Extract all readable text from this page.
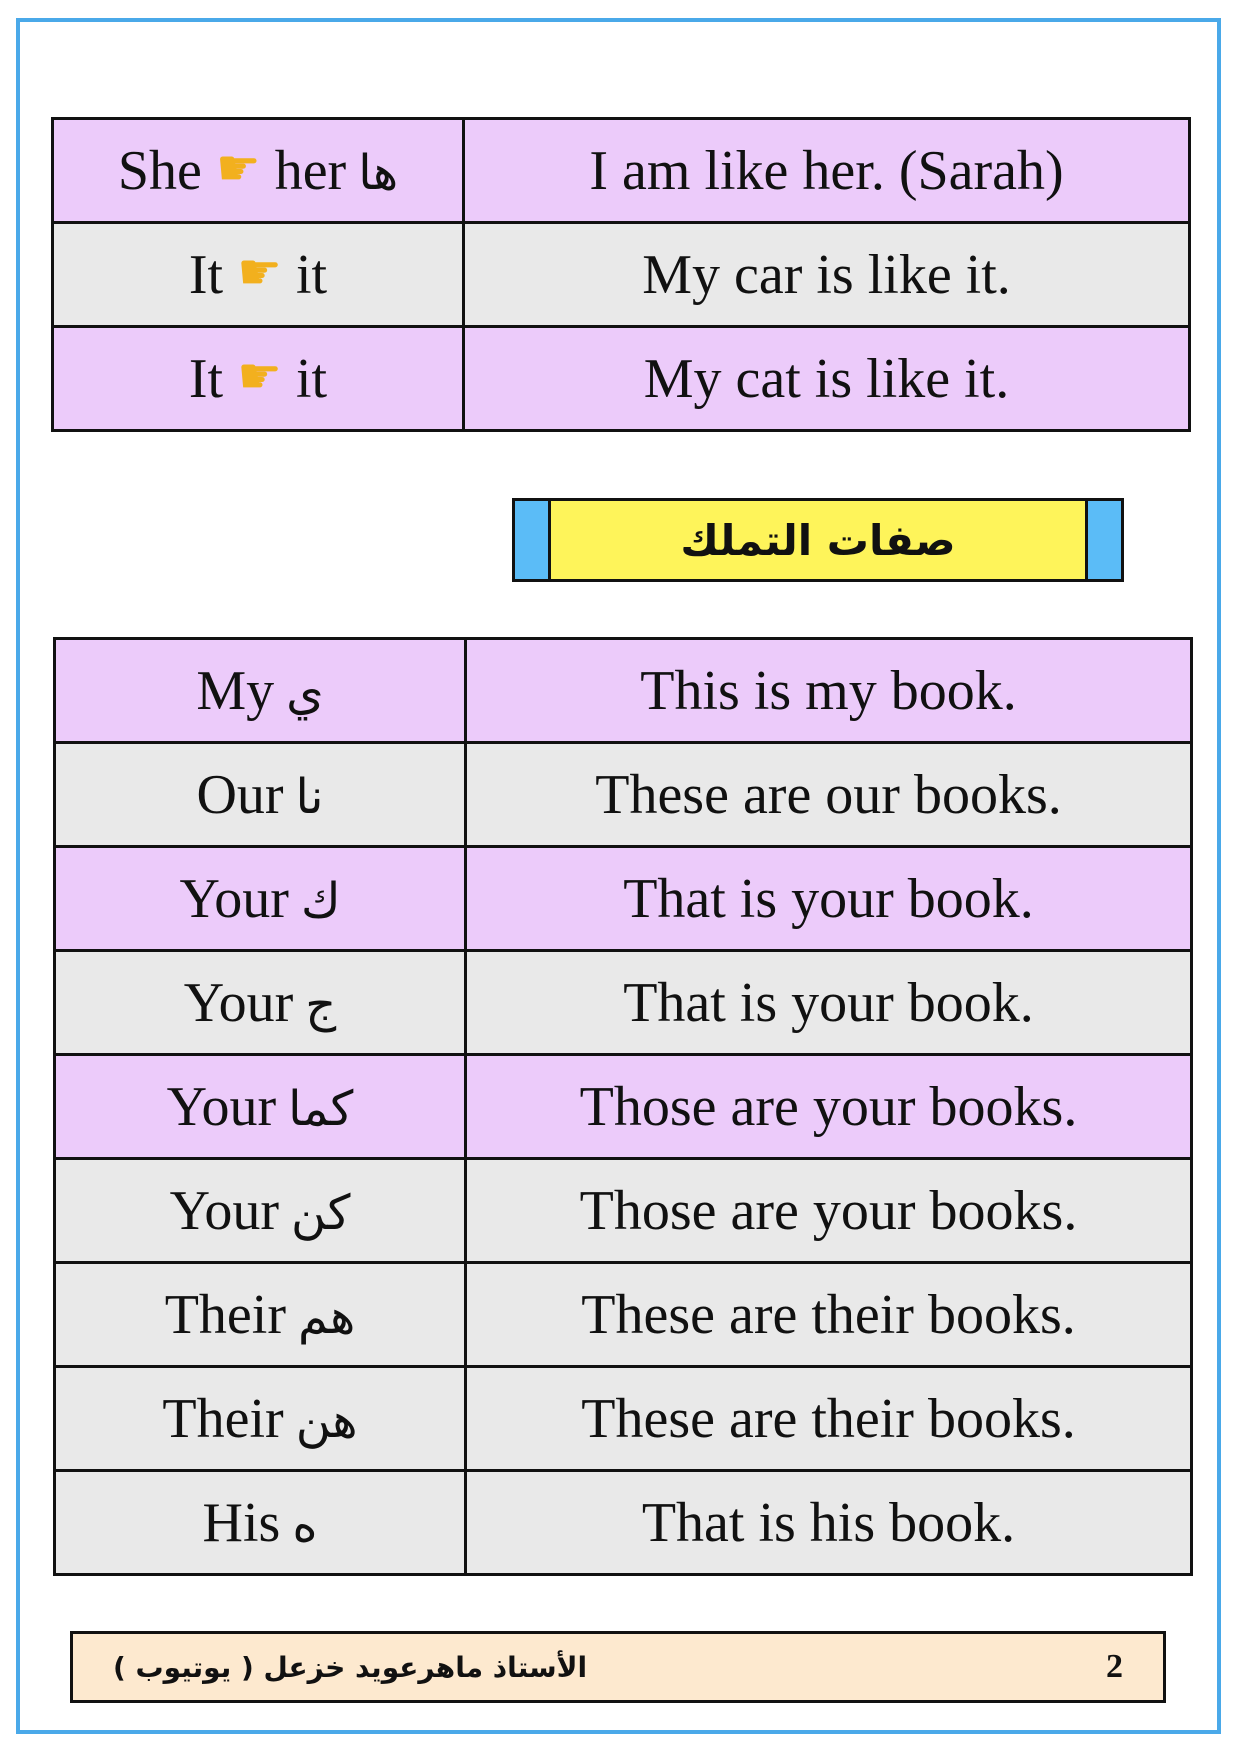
She ☛ her ها	I am like her. (Sarah)
It ☛ it	My car is like it.
It ☛ it	My cat is like it.
صفات التملك
My ي	This is my book.
Our نا	These are our books.
Your ك	That is your book.
Your ج	That is your book.
Your كما	Those are your books.
Your كن	Those are your books.
Their هم	These are their books.
Their هن	These are their books.
His ه	That is his book.
الأستاذ ماهرعويد خزعل ( يوتيوب )	2
